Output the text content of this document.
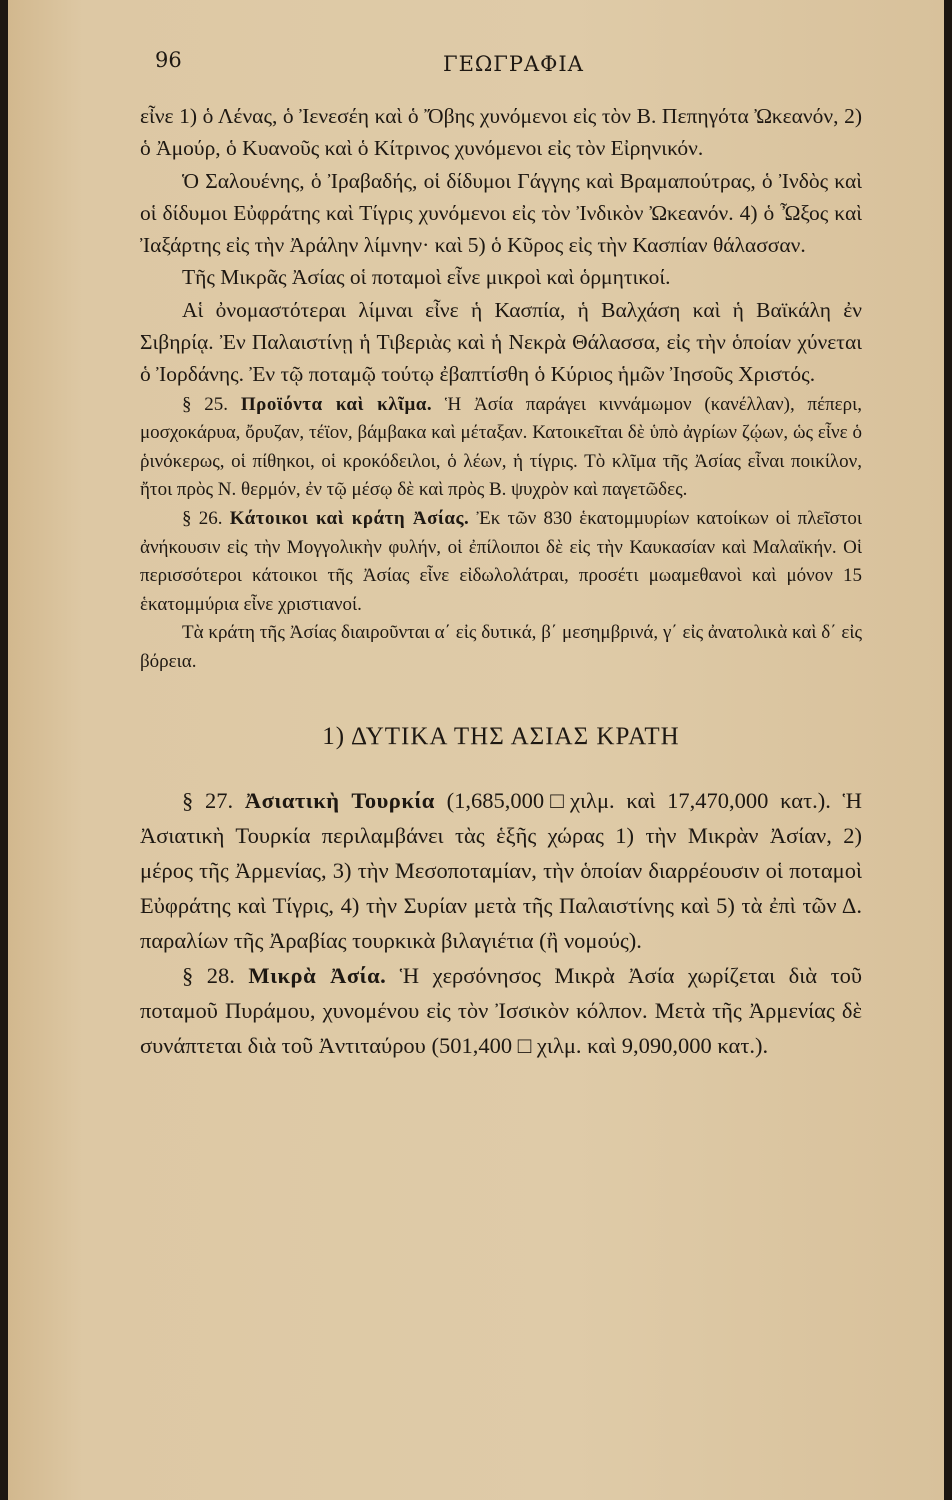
96	ΓΕΩΓΡΑΦΙΑ

εἶνε 1) ὁ Λένας, ὁ Ἰενεσέη καὶ ὁ Ὄβης χυνόμενοι εἰς τὸν Β. Πεπηγότα Ὠκεανόν, 2) ὁ Ἀμούρ, ὁ Κυανοῦς καὶ ὁ Κίτρινος χυνόμενοι εἰς τὸν Εἰρηνικόν.

Ὁ Σαλουένης, ὁ Ἰραβαδής, οἱ δίδυμοι Γάγγης καὶ Βραμαπούτρας, ὁ Ἰνδὸς καὶ οἱ δίδυμοι Εὐφράτης καὶ Τίγρις χυνόμενοι εἰς τὸν Ἰνδικὸν Ὠκεανόν. 4) ὁ Ὦξος καὶ Ἰαξάρτης εἰς τὴν Ἀράλην λίμνην· καὶ 5) ὁ Κῦρος εἰς τὴν Κασπίαν θάλασσαν.

Τῆς Μικρᾶς Ἀσίας οἱ ποταμοὶ εἶνε μικροὶ καὶ ὁρμητικοί.

Αἱ ὀνομαστότεραι λίμναι εἶνε ἡ Κασπία, ἡ Βαλχάση καὶ ἡ Βαϊκάλη ἐν Σιβηρίᾳ. Ἐν Παλαιστίνῃ ἡ Τιβεριὰς καὶ ἡ Νεκρὰ Θάλασσα, εἰς τὴν ὁποίαν χύνεται ὁ Ἰορδάνης. Ἐν τῷ ποταμῷ τούτῳ ἐβαπτίσθη ὁ Κύριος ἡμῶν Ἰησοῦς Χριστός.

§ 25. Προϊόντα καὶ κλῖμα. Ἡ Ἀσία παράγει κιννάμωμον (κανέλλαν), πέπερι, μοσχοκάρυα, ὄρυζαν, τέϊον, βάμβακα καὶ μέταξαν. Κατοικεῖται δὲ ὑπὸ ἀγρίων ζῴων, ὡς εἶνε ὁ ῥινόκερως, οἱ πίθηκοι, οἱ κροκόδειλοι, ὁ λέων, ἡ τίγρις. Τὸ κλῖμα τῆς Ἀσίας εἶναι ποικίλον, ἤτοι πρὸς Ν. θερμόν, ἐν τῷ μέσῳ δὲ καὶ πρὸς Β. ψυχρὸν καὶ παγετῶδες.

§ 26. Κάτοικοι καὶ κράτη Ἀσίας. Ἐκ τῶν 830 ἑκατομμυρίων κατοίκων οἱ πλεῖστοι ἀνήκουσιν εἰς τὴν Μογγολικὴν φυλήν, οἱ ἐπίλοιποι δὲ εἰς τὴν Καυκασίαν καὶ Μαλαϊκήν. Οἱ περισσότεροι κάτοικοι τῆς Ἀσίας εἶνε εἰδωλολάτραι, προσέτι μωαμεθανοὶ καὶ μόνον 15 ἑκατομμύρια εἶνε χριστιανοί.

Τὰ κράτη τῆς Ἀσίας διαιροῦνται α΄ εἰς δυτικά, β΄ μεσημβρινά, γ΄ εἰς ἀνατολικὰ καὶ δ΄ εἰς βόρεια.

1) ΔΥΤΙΚΑ ΤΗΣ ΑΣΙΑΣ ΚΡΑΤΗ

§ 27. Ἀσιατικὴ Τουρκία (1,685,000□χιλμ. καὶ 17,470,000 κατ.). Ἡ Ἀσιατικὴ Τουρκία περιλαμβάνει τὰς ἑξῆς χώρας 1) τὴν Μικρὰν Ἀσίαν, 2) μέρος τῆς Ἀρμενίας, 3) τὴν Μεσοποταμίαν, τὴν ὁποίαν διαρρέουσιν οἱ ποταμοὶ Εὐφράτης καὶ Τίγρις, 4) τὴν Συρίαν μετὰ τῆς Παλαιστίνης καὶ 5) τὰ ἐπὶ τῶν Δ. παραλίων τῆς Ἀραβίας τουρκικὰ βιλαγιέτια (ἢ νομούς).

§ 28. Μικρὰ Ἀσία. Ἡ χερσόνησος Μικρὰ Ἀσία χωρίζεται διὰ τοῦ ποταμοῦ Πυράμου, χυνομένου εἰς τὸν Ἰσσικὸν κόλπον. Μετὰ τῆς Ἀρμενίας δὲ συνάπτεται διὰ τοῦ Ἀντιταύρου (501,400 □ χιλμ. καὶ 9,090,000 κατ.).
